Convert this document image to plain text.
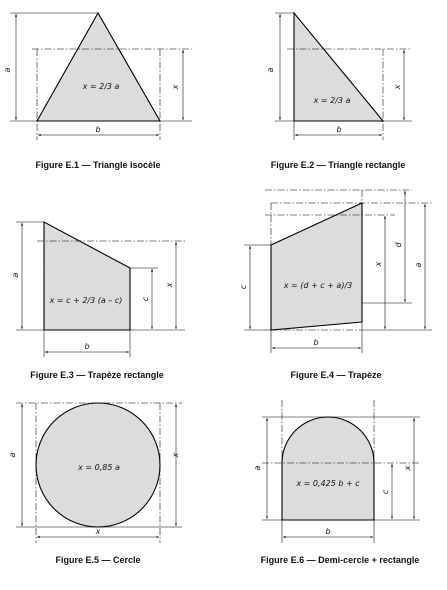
a
x
b
x = 2/3 a
Figure E.1 — Triangle isocèle
a
x
b
x = 2/3 a
Figure E.2 — Triangle rectangle
a
c
x
b
x = c + 2/3 (a – c)
Figure E.3 — Trapèze rectangle
c
x
d
a
b
x = (d + c + a)/3
Figure E.4 — Trapèze
a	x
x
x = 0,85 a
Figure E.5 — Cercle
a
c
x
b
x = 0,425 b + c
Figure E.6 — Demi-cercle + rectangle
